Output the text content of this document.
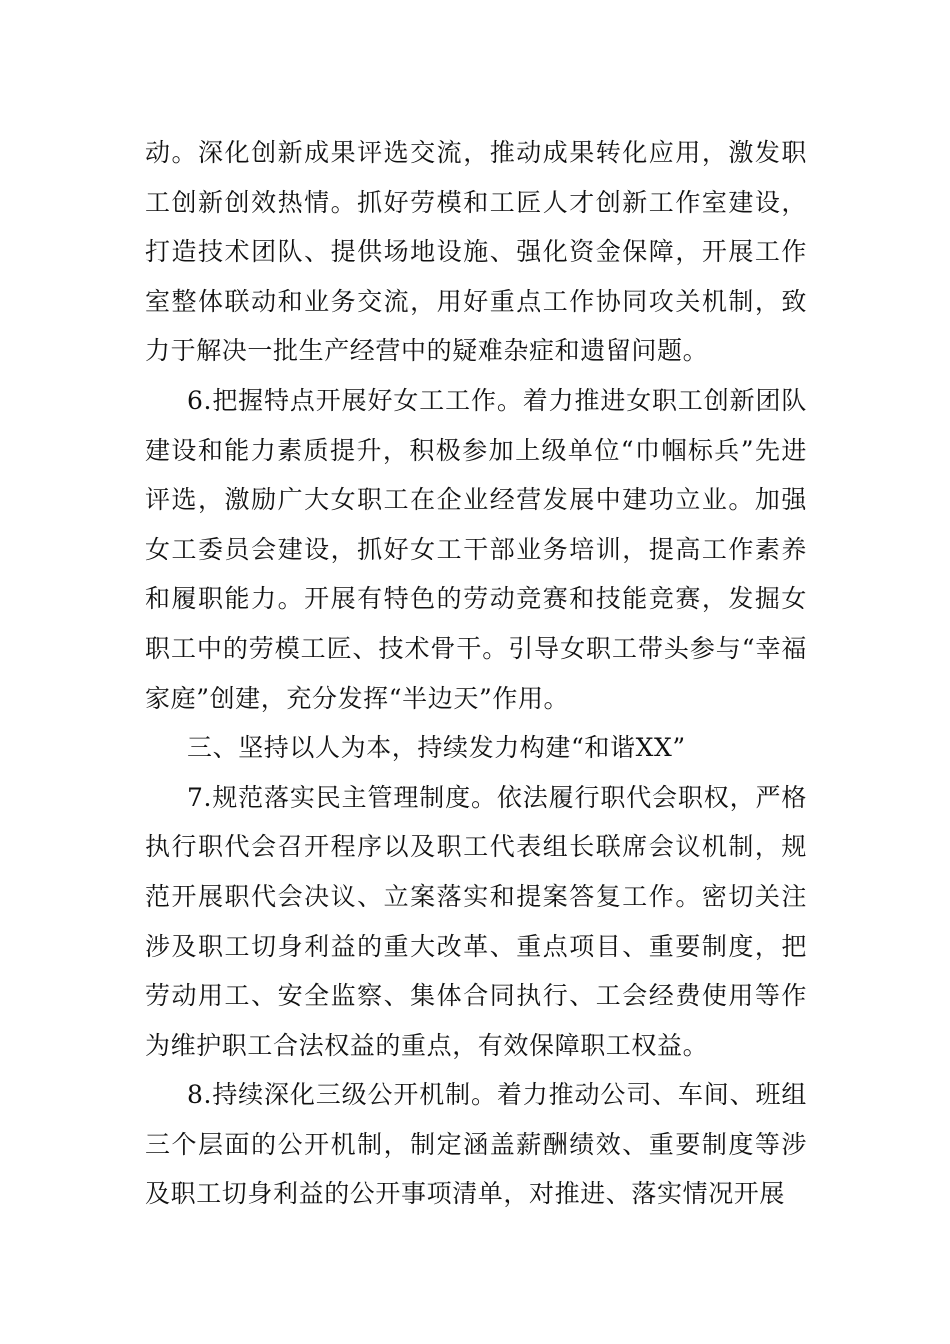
动。深化创新成果评选交流，推动成果转化应用，激发职工创新创效热情。抓好劳模和工匠人才创新工作室建设，打造技术团队、提供场地设施、强化资金保障，开展工作室整体联动和业务交流，用好重点工作协同攻关机制，致力于解决一批生产经营中的疑难杂症和遗留问题。

6.把握特点开展好女工工作。着力推进女职工创新团队建设和能力素质提升，积极参加上级单位“巾帼标兵”先进评选，激励广大女职工在企业经营发展中建功立业。加强女工委员会建设，抓好女工干部业务培训，提高工作素养和履职能力。开展有特色的劳动竞赛和技能竞赛，发掘女职工中的劳模工匠、技术骨干。引导女职工带头参与“幸福家庭”创建，充分发挥“半边天”作用。

三、坚持以人为本，持续发力构建“和谐XX”

7.规范落实民主管理制度。依法履行职代会职权，严格执行职代会召开程序以及职工代表组长联席会议机制，规范开展职代会决议、立案落实和提案答复工作。密切关注涉及职工切身利益的重大改革、重点项目、重要制度，把劳动用工、安全监察、集体合同执行、工会经费使用等作为维护职工合法权益的重点，有效保障职工权益。

8.持续深化三级公开机制。着力推动公司、车间、班组三个层面的公开机制，制定涵盖薪酬绩效、重要制度等涉及职工切身利益的公开事项清单，对推进、落实情况开展
